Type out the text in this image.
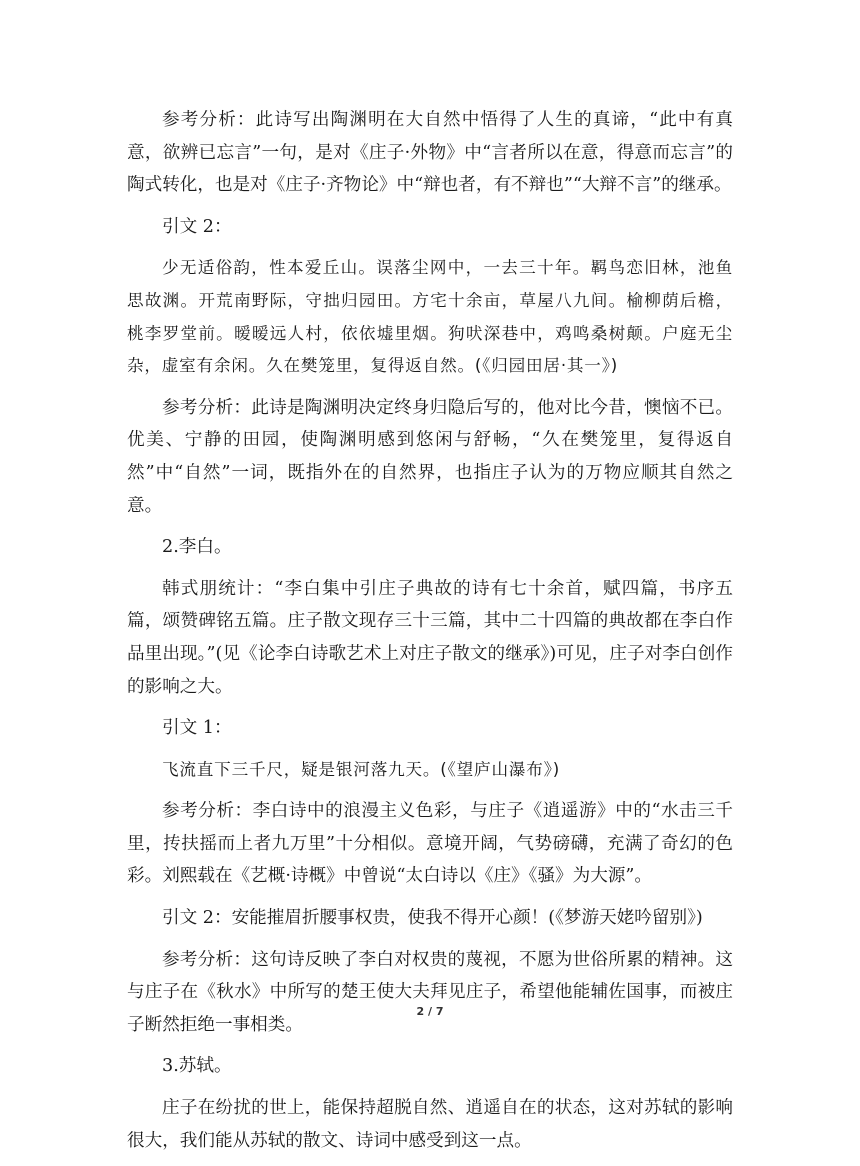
参考分析：此诗写出陶渊明在大自然中悟得了人生的真谛，“此中有真意，欲辨已忘言”一句，是对《庄子·外物》中“言者所以在意，得意而忘言”的陶式转化，也是对《庄子·齐物论》中“辩也者，有不辩也”“大辩不言”的继承。

引文 2：

少无适俗韵，性本爱丘山。误落尘网中，一去三十年。羁鸟恋旧林，池鱼思故渊。开荒南野际，守拙归园田。方宅十余亩，草屋八九间。榆柳荫后檐，桃李罗堂前。暧暧远人村，依依墟里烟。狗吠深巷中，鸡鸣桑树颠。户庭无尘杂，虚室有余闲。久在樊笼里，复得返自然。(《归园田居·其一》)

参考分析：此诗是陶渊明决定终身归隐后写的，他对比今昔，懊恼不已。优美、宁静的田园，使陶渊明感到悠闲与舒畅，“久在樊笼里，复得返自然”中“自然”一词，既指外在的自然界，也指庄子认为的万物应顺其自然之意。

2.李白。

韩式朋统计：“李白集中引庄子典故的诗有七十余首，赋四篇，书序五篇，颂赞碑铭五篇。庄子散文现存三十三篇，其中二十四篇的典故都在李白作品里出现。”(见《论李白诗歌艺术上对庄子散文的继承》)可见，庄子对李白创作的影响之大。

引文 1：

飞流直下三千尺，疑是银河落九天。(《望庐山瀑布》)

参考分析：李白诗中的浪漫主义色彩，与庄子《逍遥游》中的“水击三千里，抟扶摇而上者九万里”十分相似。意境开阔，气势磅礴，充满了奇幻的色彩。刘熙载在《艺概·诗概》中曾说“太白诗以《庄》《骚》为大源”。

引文 2：安能摧眉折腰事权贵，使我不得开心颜！(《梦游天姥吟留别》)

参考分析：这句诗反映了李白对权贵的蔑视，不愿为世俗所累的精神。这与庄子在《秋水》中所写的楚王使大夫拜见庄子，希望他能辅佐国事，而被庄子断然拒绝一事相类。

3.苏轼。

庄子在纷扰的世上，能保持超脱自然、逍遥自在的状态，这对苏轼的影响很大，我们能从苏轼的散文、诗词中感受到这一点。

2 / 7
